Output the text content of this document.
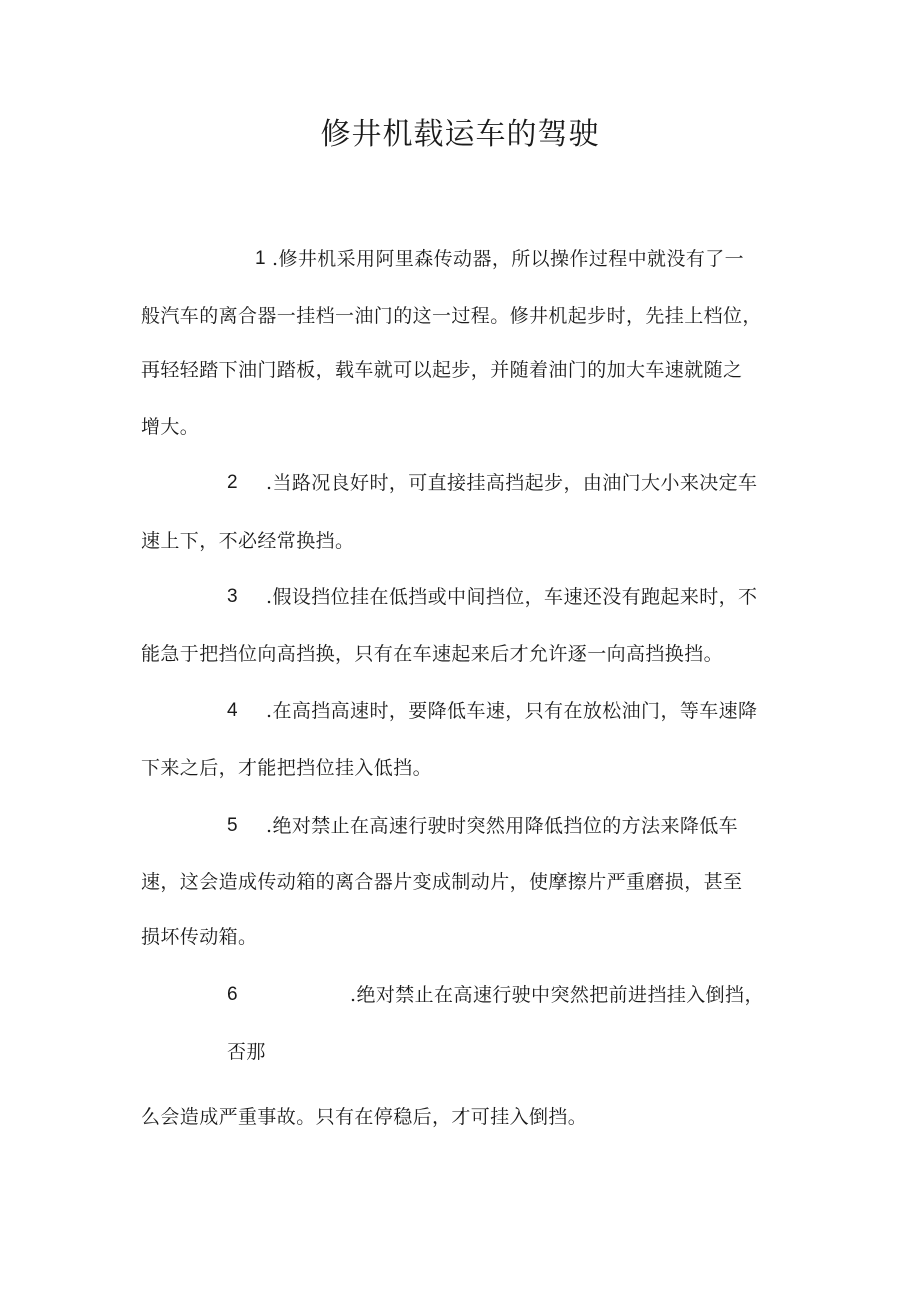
修井机载运车的驾驶
1 .修井机采用阿里森传动器，所以操作过程中就没有了一
般汽车的离合器一挂档一油门的这一过程。修井机起步时，先挂上档位，
再轻轻踏下油门踏板，载车就可以起步，并随着油门的加大车速就随之
增大。
2 .当路况良好时，可直接挂高挡起步，由油门大小来决定车
速上下，不必经常换挡。
3 .假设挡位挂在低挡或中间挡位，车速还没有跑起来时，不
能急于把挡位向高挡换，只有在车速起来后才允许逐一向高挡换挡。
4 .在高挡高速时，要降低车速，只有在放松油门，等车速降
下来之后，才能把挡位挂入低挡。
5 .绝对禁止在高速行驶时突然用降低挡位的方法来降低车
速，这会造成传动箱的离合器片变成制动片，使摩擦片严重磨损，甚至
损坏传动箱。
6	.绝对禁止在高速行驶中突然把前进挡挂入倒挡，
否那
么会造成严重事故。只有在停稳后，才可挂入倒挡。
